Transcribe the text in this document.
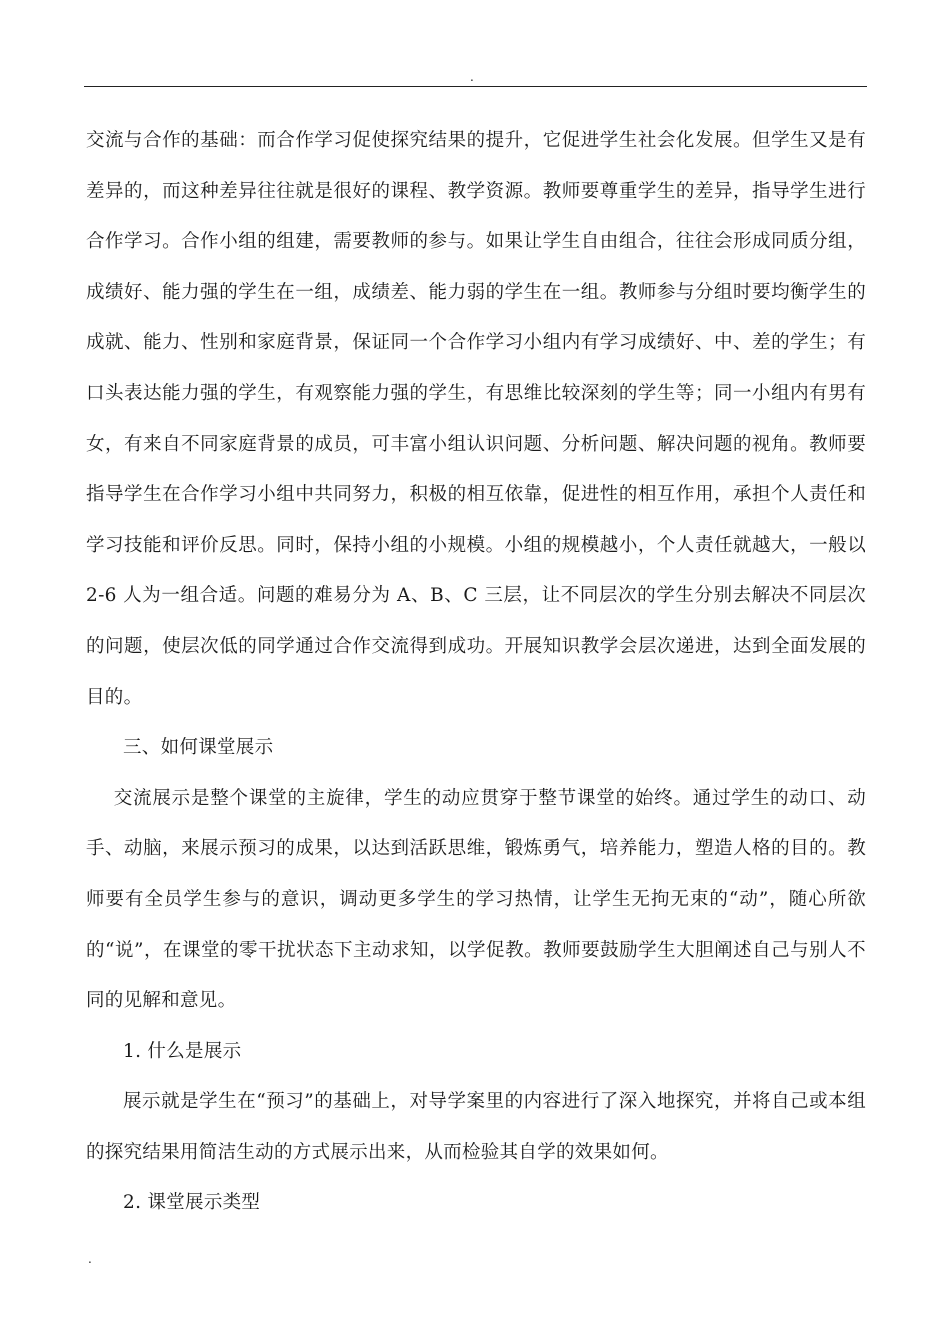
.

交流与合作的基础：而合作学习促使探究结果的提升，它促进学生社会化发展。但学生又是有差异的，而这种差异往往就是很好的课程、教学资源。教师要尊重学生的差异，指导学生进行合作学习。合作小组的组建，需要教师的参与。如果让学生自由组合，往往会形成同质分组，成绩好、能力强的学生在一组，成绩差、能力弱的学生在一组。教师参与分组时要均衡学生的成就、能力、性别和家庭背景，保证同一个合作学习小组内有学习成绩好、中、差的学生；有口头表达能力强的学生，有观察能力强的学生，有思维比较深刻的学生等；同一小组内有男有女，有来自不同家庭背景的成员，可丰富小组认识问题、分析问题、解决问题的视角。教师要指导学生在合作学习小组中共同努力，积极的相互依靠，促进性的相互作用，承担个人责任和学习技能和评价反思。同时，保持小组的小规模。小组的规模越小，个人责任就越大，一般以 2-6 人为一组合适。问题的难易分为 A、B、C 三层，让不同层次的学生分别去解决不同层次的问题，使层次低的同学通过合作交流得到成功。开展知识教学会层次递进，达到全面发展的目的。

三、如何课堂展示

交流展示是整个课堂的主旋律，学生的动应贯穿于整节课堂的始终。通过学生的动口、动手、动脑，来展示预习的成果，以达到活跃思维，锻炼勇气，培养能力，塑造人格的目的。教师要有全员学生参与的意识，调动更多学生的学习热情，让学生无拘无束的“动”，随心所欲的“说”，在课堂的零干扰状态下主动求知，以学促教。教师要鼓励学生大胆阐述自己与别人不同的见解和意见。

1. 什么是展示

展示就是学生在“预习”的基础上，对导学案里的内容进行了深入地探究，并将自己或本组的探究结果用简洁生动的方式展示出来，从而检验其自学的效果如何。

2. 课堂展示类型

.
